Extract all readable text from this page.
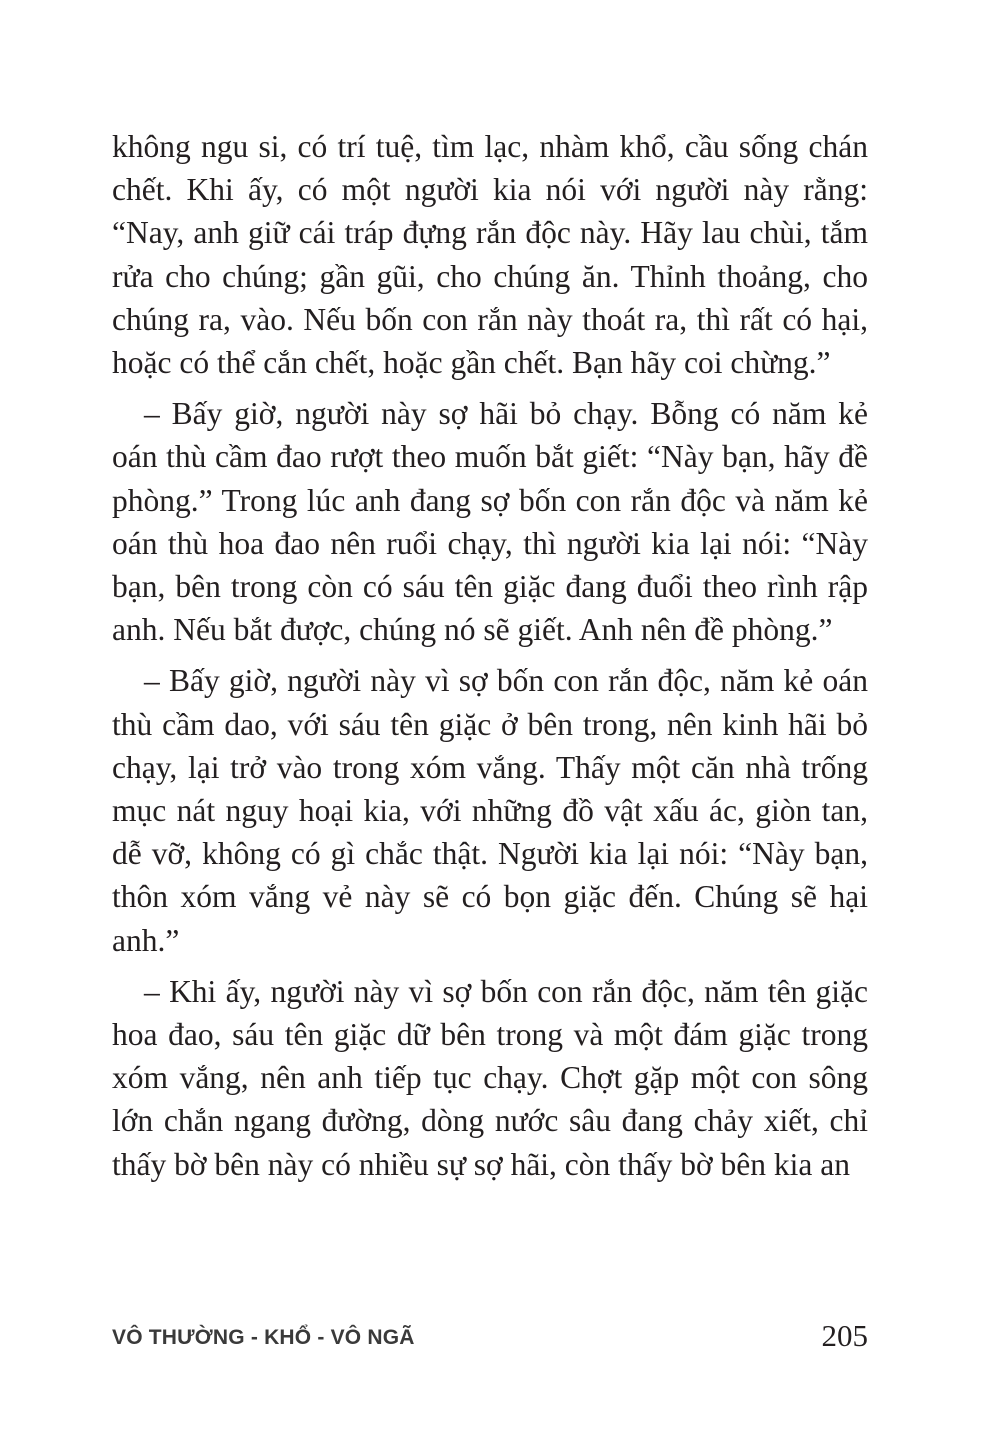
không ngu si, có trí tuệ, tìm lạc, nhàm khổ, cầu sống chán chết. Khi ấy, có một người kia nói với người này rằng: “Nay, anh giữ cái tráp đựng rắn độc này. Hãy lau chùi, tắm rửa cho chúng; gần gũi, cho chúng ăn. Thỉnh thoảng, cho chúng ra, vào. Nếu bốn con rắn này thoát ra, thì rất có hại, hoặc có thể cắn chết, hoặc gần chết. Bạn hãy coi chừng.”

– Bấy giờ, người này sợ hãi bỏ chạy. Bỗng có năm kẻ oán thù cầm đao rượt theo muốn bắt giết: “Này bạn, hãy đề phòng.” Trong lúc anh đang sợ bốn con rắn độc và năm kẻ oán thù hoa đao nên ruổi chạy, thì người kia lại nói: “Này bạn, bên trong còn có sáu tên giặc đang đuổi theo rình rập anh. Nếu bắt được, chúng nó sẽ giết. Anh nên đề phòng.”

– Bấy giờ, người này vì sợ bốn con rắn độc, năm kẻ oán thù cầm dao, với sáu tên giặc ở bên trong, nên kinh hãi bỏ chạy, lại trở vào trong xóm vắng. Thấy một căn nhà trống mục nát nguy hoại kia, với những đồ vật xấu ác, giòn tan, dễ vỡ, không có gì chắc thật. Người kia lại nói: “Này bạn, thôn xóm vắng vẻ này sẽ có bọn giặc đến. Chúng sẽ hại anh.”

– Khi ấy, người này vì sợ bốn con rắn độc, năm tên giặc hoa đao, sáu tên giặc dữ bên trong và một đám giặc trong xóm vắng, nên anh tiếp tục chạy. Chợt gặp một con sông lớn chắn ngang đường, dòng nước sâu đang chảy xiết, chỉ thấy bờ bên này có nhiều sự sợ hãi, còn thấy bờ bên kia an

VÔ THƯỜNG - KHỔ - VÔ NGÃ	205
